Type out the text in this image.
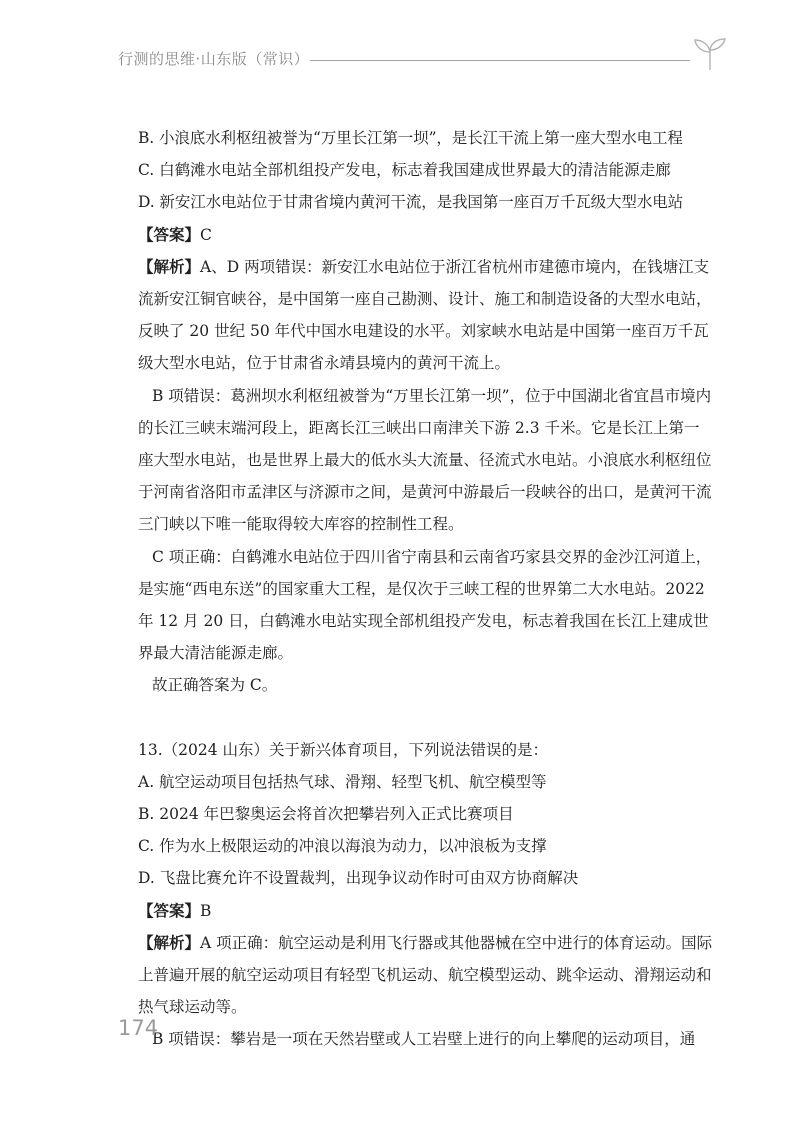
行测的思维·山东版（常识）

B. 小浪底水利枢纽被誉为“万里长江第一坝”，是长江干流上第一座大型水电工程

C. 白鹤滩水电站全部机组投产发电，标志着我国建成世界最大的清洁能源走廊

D. 新安江水电站位于甘肃省境内黄河干流，是我国第一座百万千瓦级大型水电站

【答案】C

【解析】A、D 两项错误：新安江水电站位于浙江省杭州市建德市境内，在钱塘江支流新安江铜官峡谷，是中国第一座自己勘测、设计、施工和制造设备的大型水电站，反映了 20 世纪 50 年代中国水电建设的水平。刘家峡水电站是中国第一座百万千瓦级大型水电站，位于甘肃省永靖县境内的黄河干流上。

B 项错误：葛洲坝水利枢纽被誉为“万里长江第一坝”，位于中国湖北省宜昌市境内的长江三峡末端河段上，距离长江三峡出口南津关下游 2.3 千米。它是长江上第一座大型水电站，也是世界上最大的低水头大流量、径流式水电站。小浪底水利枢纽位于河南省洛阳市孟津区与济源市之间，是黄河中游最后一段峡谷的出口，是黄河干流三门峡以下唯一能取得较大库容的控制性工程。

C 项正确：白鹤滩水电站位于四川省宁南县和云南省巧家县交界的金沙江河道上，是实施“西电东送”的国家重大工程，是仅次于三峡工程的世界第二大水电站。2022 年 12 月 20 日，白鹤滩水电站实现全部机组投产发电，标志着我国在长江上建成世界最大清洁能源走廊。

故正确答案为 C。

13.（2024 山东）关于新兴体育项目，下列说法错误的是：

A. 航空运动项目包括热气球、滑翔、轻型飞机、航空模型等

B. 2024 年巴黎奥运会将首次把攀岩列入正式比赛项目

C. 作为水上极限运动的冲浪以海浪为动力，以冲浪板为支撑

D. 飞盘比赛允许不设置裁判，出现争议动作时可由双方协商解决

【答案】B

【解析】A 项正确：航空运动是利用飞行器或其他器械在空中进行的体育运动。国际上普遍开展的航空运动项目有轻型飞机运动、航空模型运动、跳伞运动、滑翔运动和热气球运动等。

B 项错误：攀岩是一项在天然岩壁或人工岩壁上进行的向上攀爬的运动项目，通

174
